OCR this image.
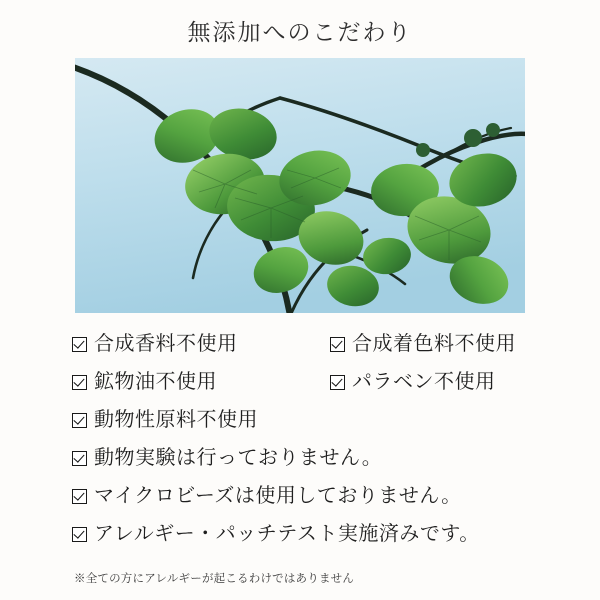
無添加へのこだわり
合成香料不使用	合成着色料不使用
鉱物油不使用	パラベン不使用
動物性原料不使用
動物実験は行っておりません。
マイクロビーズは使用しておりません。
アレルギー・パッチテスト実施済みです。
※全ての方にアレルギーが起こるわけではありません
